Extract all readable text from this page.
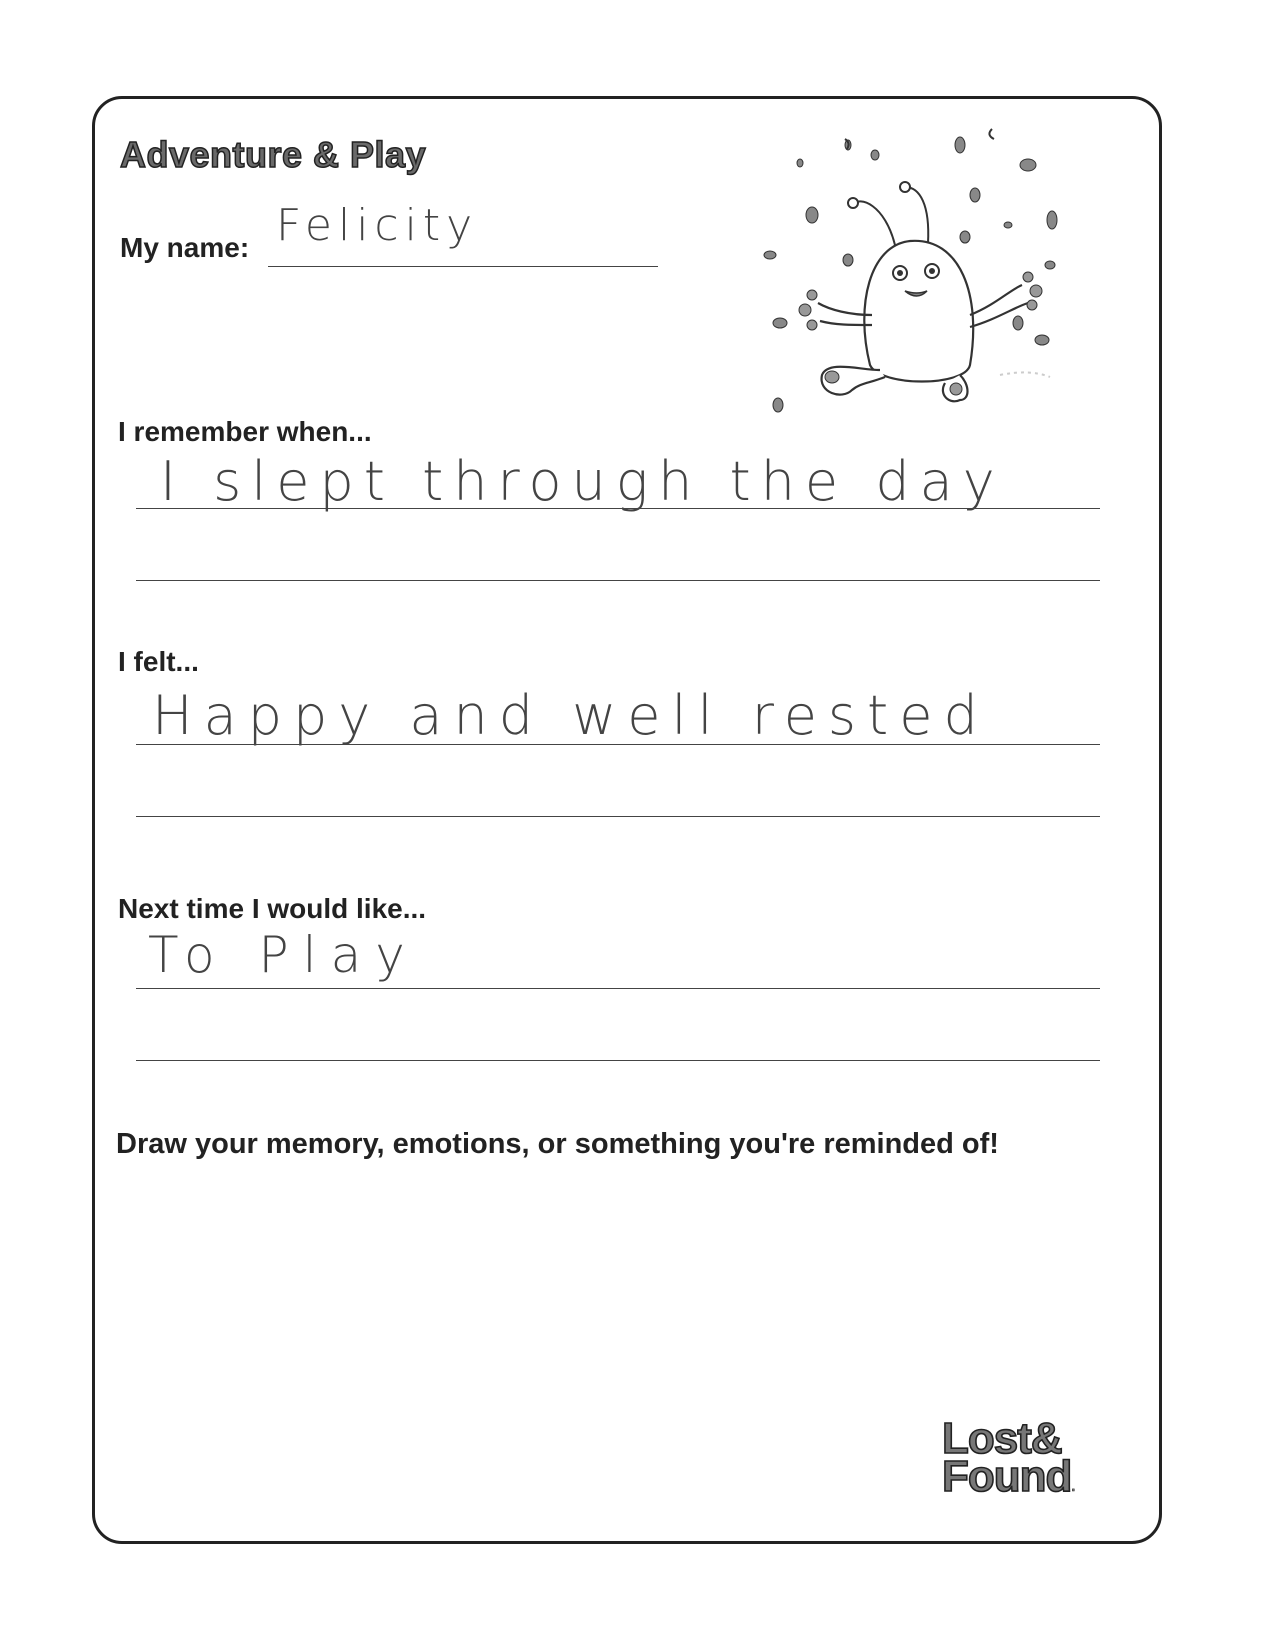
Adventure & Play
My name: Felicity
I remember when...
I slept through the day
I felt...
Happy and well rested
Next time I would like...
To Play
Draw your memory, emotions, or something you're reminded of!
Lost&
Found.
